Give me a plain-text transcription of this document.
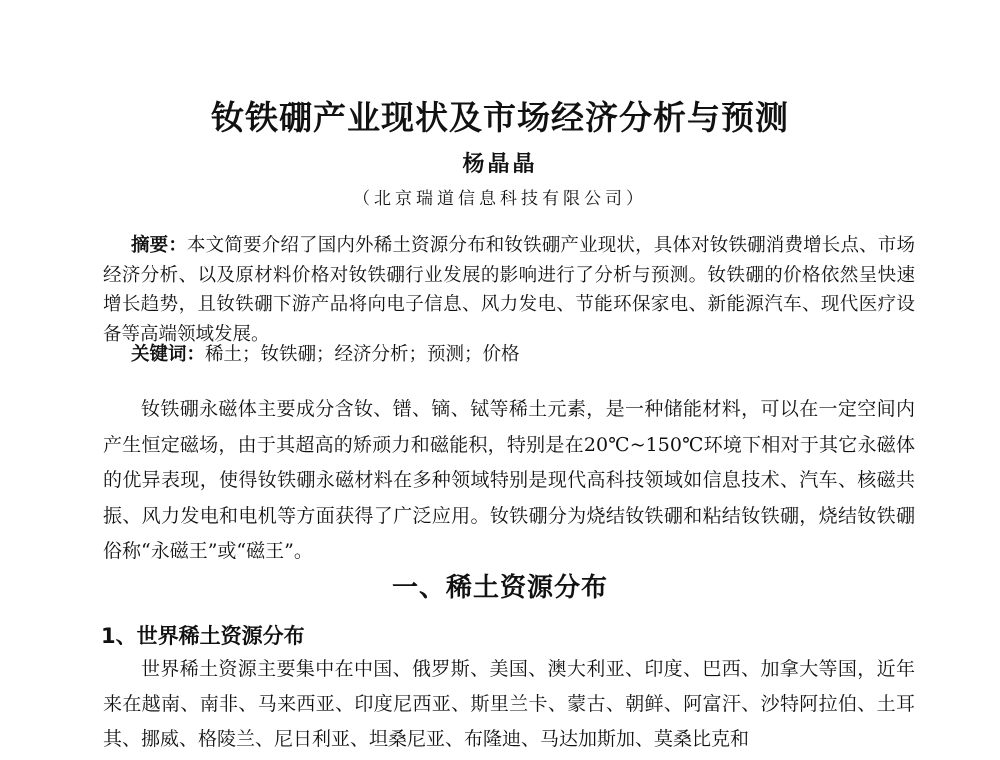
钕铁硼产业现状及市场经济分析与预测
杨晶晶
（北京瑞道信息科技有限公司）
摘要：本文简要介绍了国内外稀土资源分布和钕铁硼产业现状，具体对钕铁硼消费增长点、市场经济分析、以及原材料价格对钕铁硼行业发展的影响进行了分析与预测。钕铁硼的价格依然呈快速增长趋势，且钕铁硼下游产品将向电子信息、风力发电、节能环保家电、新能源汽车、现代医疗设备等高端领域发展。
关键词：稀土；钕铁硼；经济分析；预测；价格
钕铁硼永磁体主要成分含钕、镨、镝、铽等稀土元素，是一种储能材料，可以在一定空间内产生恒定磁场，由于其超高的矫顽力和磁能积，特别是在20℃~150℃环境下相对于其它永磁体的优异表现，使得钕铁硼永磁材料在多种领域特别是现代高科技领域如信息技术、汽车、核磁共振、风力发电和电机等方面获得了广泛应用。钕铁硼分为烧结钕铁硼和粘结钕铁硼，烧结钕铁硼俗称“永磁王”或“磁王”。
一、稀土资源分布
1、世界稀土资源分布
世界稀土资源主要集中在中国、俄罗斯、美国、澳大利亚、印度、巴西、加拿大等国，近年来在越南、南非、马来西亚、印度尼西亚、斯里兰卡、蒙古、朝鲜、阿富汗、沙特阿拉伯、土耳其、挪威、格陵兰、尼日利亚、坦桑尼亚、布隆迪、马达加斯加、莫桑比克和
